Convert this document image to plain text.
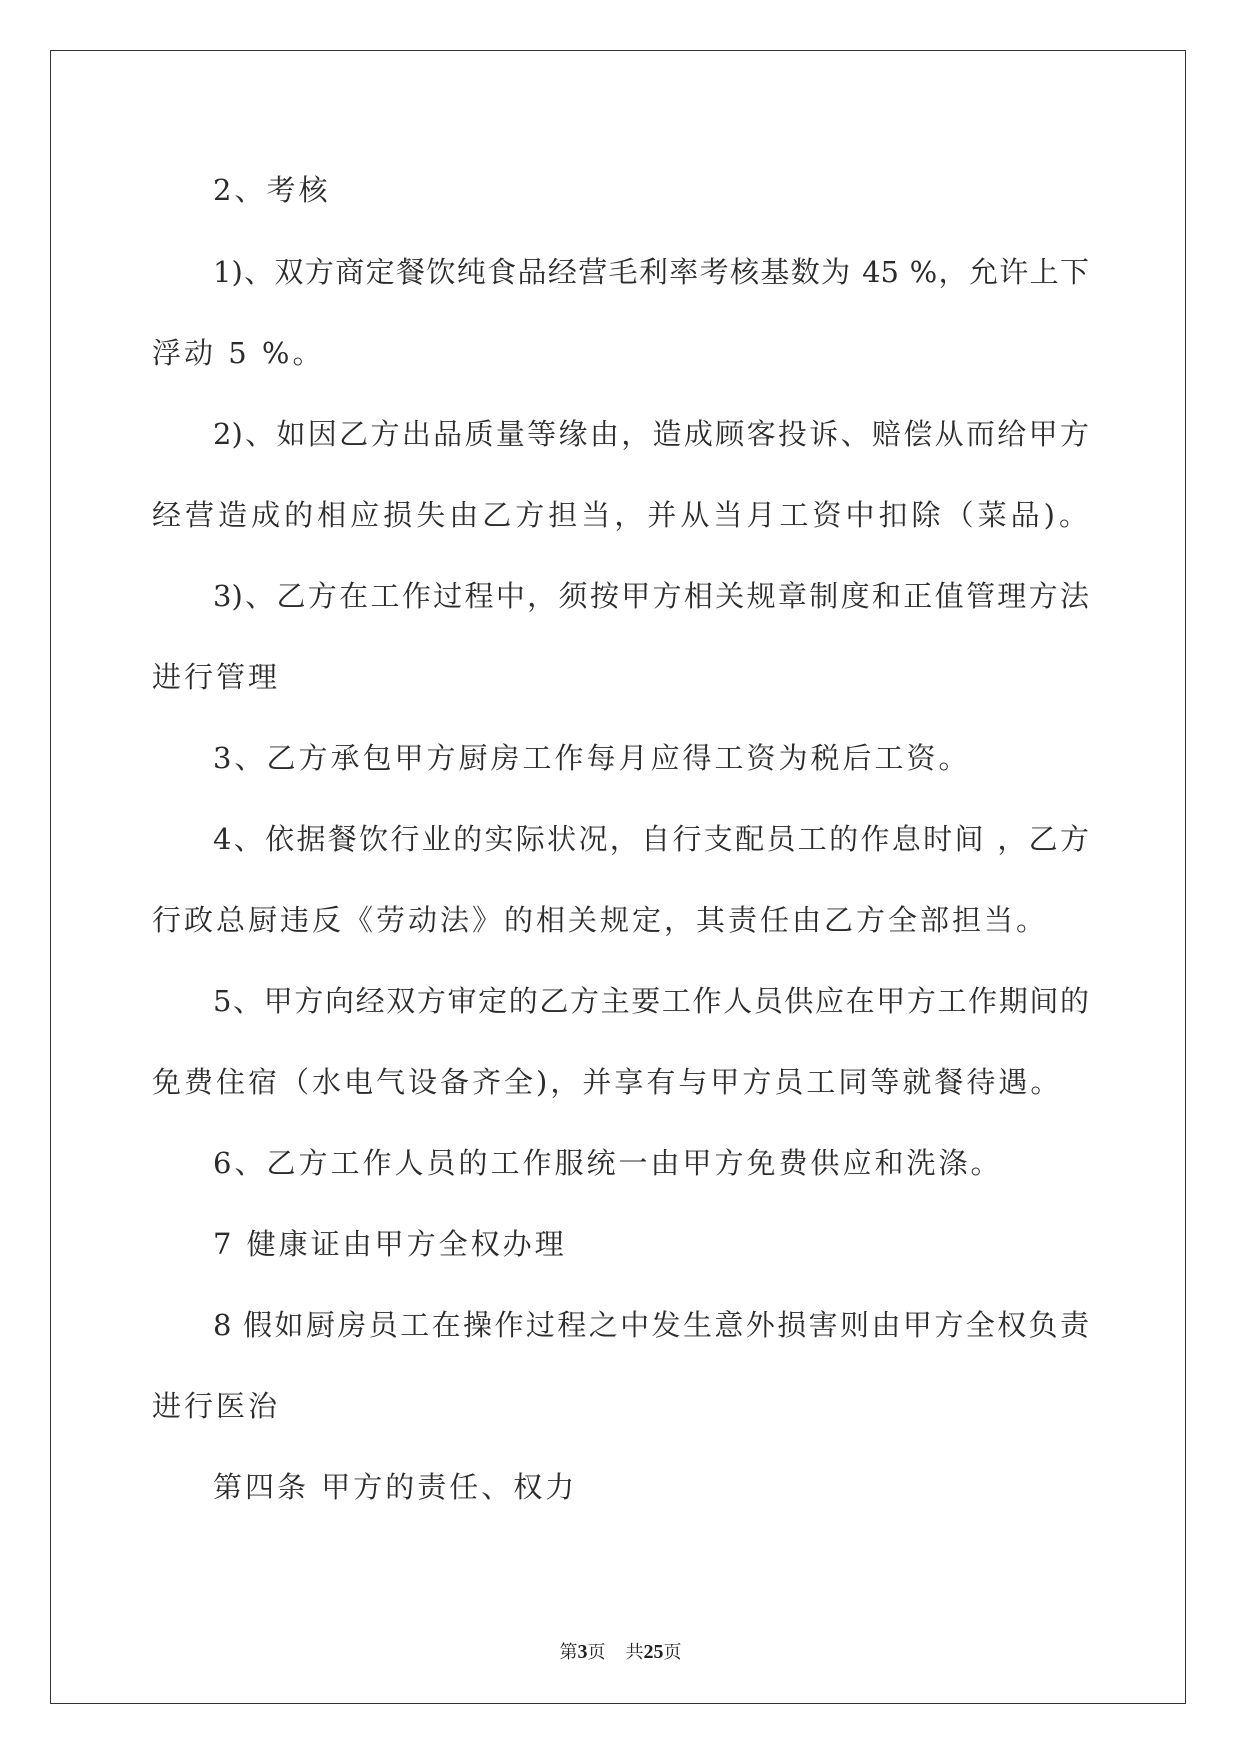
2、考核
1)、双方商定餐饮纯食品经营毛利率考核基数为 45 %，允许上下
浮动 5 %。
2)、如因乙方出品质量等缘由，造成顾客投诉、赔偿从而给甲方
经营造成的相应损失由乙方担当，并从当月工资中扣除（菜品)。
3)、乙方在工作过程中，须按甲方相关规章制度和正值管理方法
进行管理
3、乙方承包甲方厨房工作每月应得工资为税后工资。
4、依据餐饮行业的实际状况，自行支配员工的作息时间 ，乙方
行政总厨违反《劳动法》的相关规定，其责任由乙方全部担当。
5、甲方向经双方审定的乙方主要工作人员供应在甲方工作期间的
免费住宿（水电气设备齐全)，并享有与甲方员工同等就餐待遇。
6、乙方工作人员的工作服统一由甲方免费供应和洗涤。
7 健康证由甲方全权办理
8 假如厨房员工在操作过程之中发生意外损害则由甲方全权负责
进行医治
第四条 甲方的责任、权力
第3页 共25页
